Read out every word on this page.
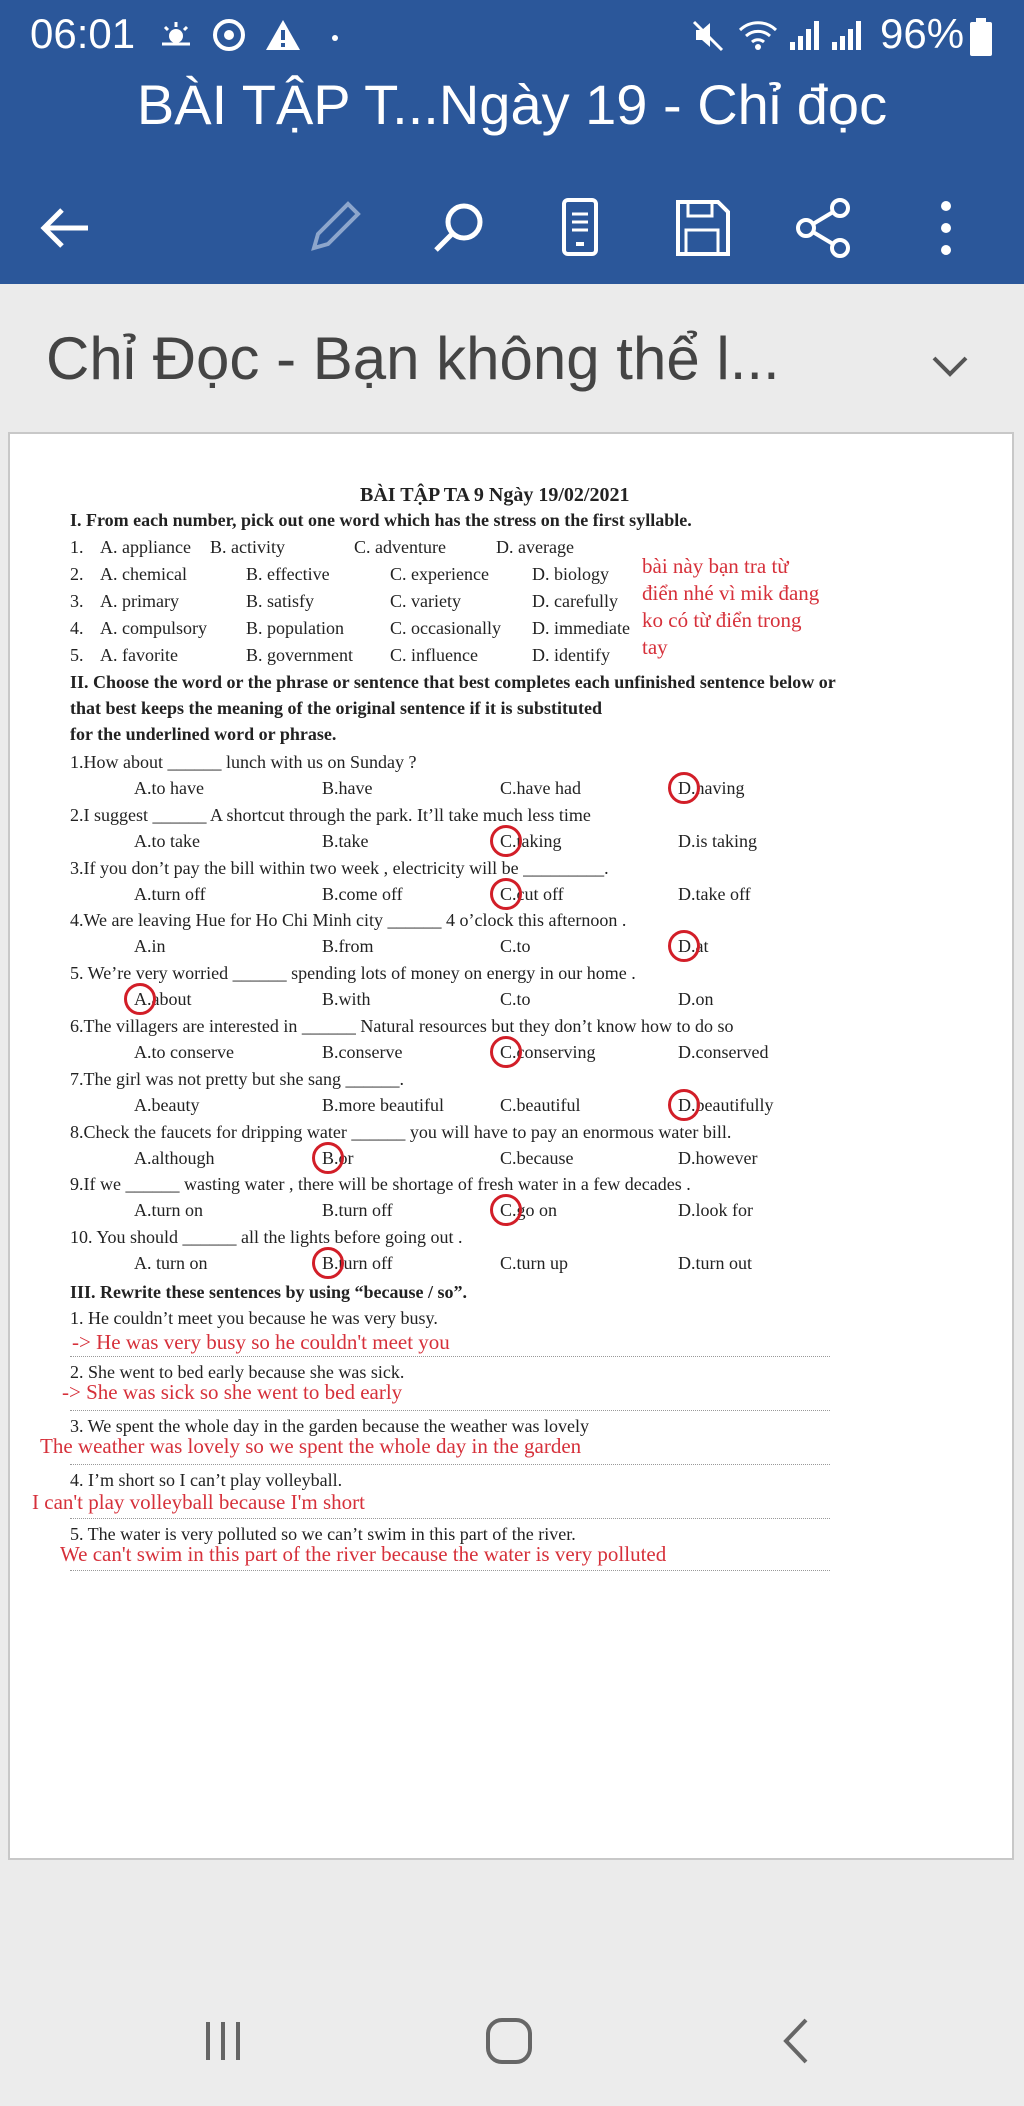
06:01	96%
BÀI TẬP T...Ngày 19 - Chỉ đọc
Chỉ Đọc - Bạn không thể l...
BÀI TẬP TA 9 Ngày 19/02/2021
I. From each number, pick out one word which has the stress on the first syllable.
1. A. appliance B. activity	C. adventure	D. average
2. A. chemical	B. effective	C. experience D. biology
3. A. primary	B. satisfy	C. variety	D. carefully
4. A. compulsory B. population	C. occasionally D. immediate
5. A. favorite	B. government C. influence	D. identify
bài này bạn tra từ
điển nhé vì mik đang
ko có từ điển trong
tay
II. Choose the word or the phrase or sentence that best completes each unfinished sentence below or
that best keeps the meaning of the original sentence if it is substituted
for the underlined word or phrase.
1.How about ______ lunch with us on Sunday ?
A.to have	B.have	C.have had	D.having
2.I suggest ______ A shortcut through the park. It’ll take much less time
A.to take	B.take	C.taking	D.is taking
3.If you don’t pay the bill within two week , electricity will be _________.
A.turn off	B.come off	C.cut off	D.take off
4.We are leaving Hue for Ho Chi Minh city ______ 4 o’clock this afternoon .
A.in	B.from	C.to	D.at
5. We’re very worried ______ spending lots of money on energy in our home .
A.about	B.with	C.to	D.on
6.The villagers are interested in ______ Natural resources but they don’t know how to do so
A.to conserve	B.conserve	C.conserving	D.conserved
7.The girl was not pretty but she sang ______.
A.beauty	B.more beautiful	C.beautiful	D.beautifully
8.Check the faucets for dripping water ______ you will have to pay an enormous water bill.
A.although	B.or	C.because	D.however
9.If we ______ wasting water , there will be shortage of fresh water in a few decades .
A.turn on	B.turn off	C.go on	D.look for
10. You should ______ all the lights before going out .
A. turn on	B.turn off	C.turn up	D.turn out
III. Rewrite these sentences by using “because / so”.
1. He couldn’t meet you because he was very busy.
-> He was very busy so he couldn't meet you
2. She went to bed early because she was sick.
-> She was sick so she went to bed early
3. We spent the whole day in the garden because the weather was lovely
The weather was lovely so we spent the whole day in the garden
4. I’m short so I can’t play volleyball.
I can't play volleyball because I'm short
5. The water is very polluted so we can’t swim in this part of the river.
We can't swim in this part of the river because the water is very polluted
